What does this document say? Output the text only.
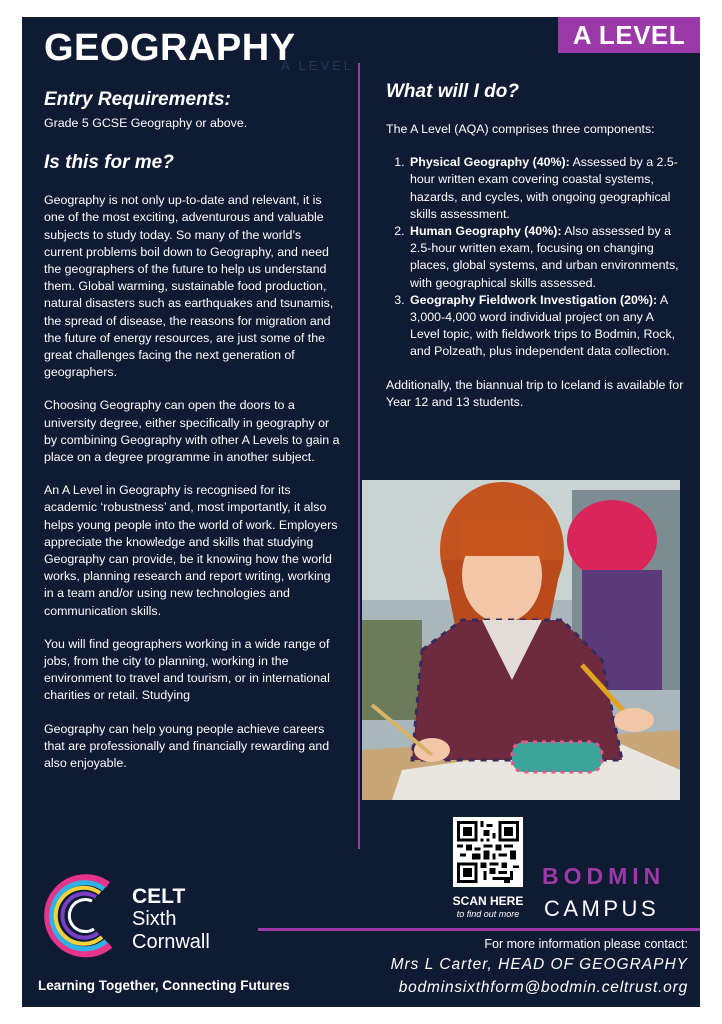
A LEVEL
GEOGRAPHY
A LEVEL
Entry Requirements:

Grade 5 GCSE Geography or above.

Is this for me?

Geography is not only up-to-date and relevant, it is one of the most exciting, adventurous and valuable subjects to study today. So many of the world’s current problems boil down to Geography, and need the geographers of the future to help us understand them. Global warming, sustainable food production, natural disasters such as earthquakes and tsunamis, the spread of disease, the reasons for migration and the future of energy resources, are just some of the great challenges facing the next generation of geographers.

Choosing Geography can open the doors to a university degree, either specifically in geography or by combining Geography with other A Levels to gain a place on a degree programme in another subject.

An A Level in Geography is recognised for its academic ‘robustness’ and, most importantly, it also helps young people into the world of work. Employers appreciate the knowledge and skills that studying Geography can provide, be it knowing how the world works, planning research and report writing, working in a team and/or using new technologies and communication skills.

You will find geographers working in a wide range of jobs, from the city to planning, working in the environment to travel and tourism, or in international charities or retail. Studying

Geography can help young people achieve careers that are professionally and financially rewarding and also enjoyable.

What will I do?

The A Level (AQA) comprises three components:

1. Physical Geography (40%): Assessed by a 2.5-hour written exam covering coastal systems, hazards, and cycles, with ongoing geographical skills assessment.
2. Human Geography (40%): Also assessed by a 2.5-hour written exam, focusing on changing places, global systems, and urban environments, with geographical skills assessed.
3. Geography Fieldwork Investigation (20%): A 3,000-4,000 word individual project on any A Level topic, with fieldwork trips to Bodmin, Rock, and Polzeath, plus independent data collection.

Additionally, the biannual trip to Iceland is available for Year 12 and 13 students.

SCAN HERE
to find out more
BODMIN
CAMPUS
CELT
Sixth
Cornwall
Learning Together, Connecting Futures
For more information please contact:
Mrs L Carter, HEAD OF GEOGRAPHY
bodminsixthform@bodmin.celtrust.org
